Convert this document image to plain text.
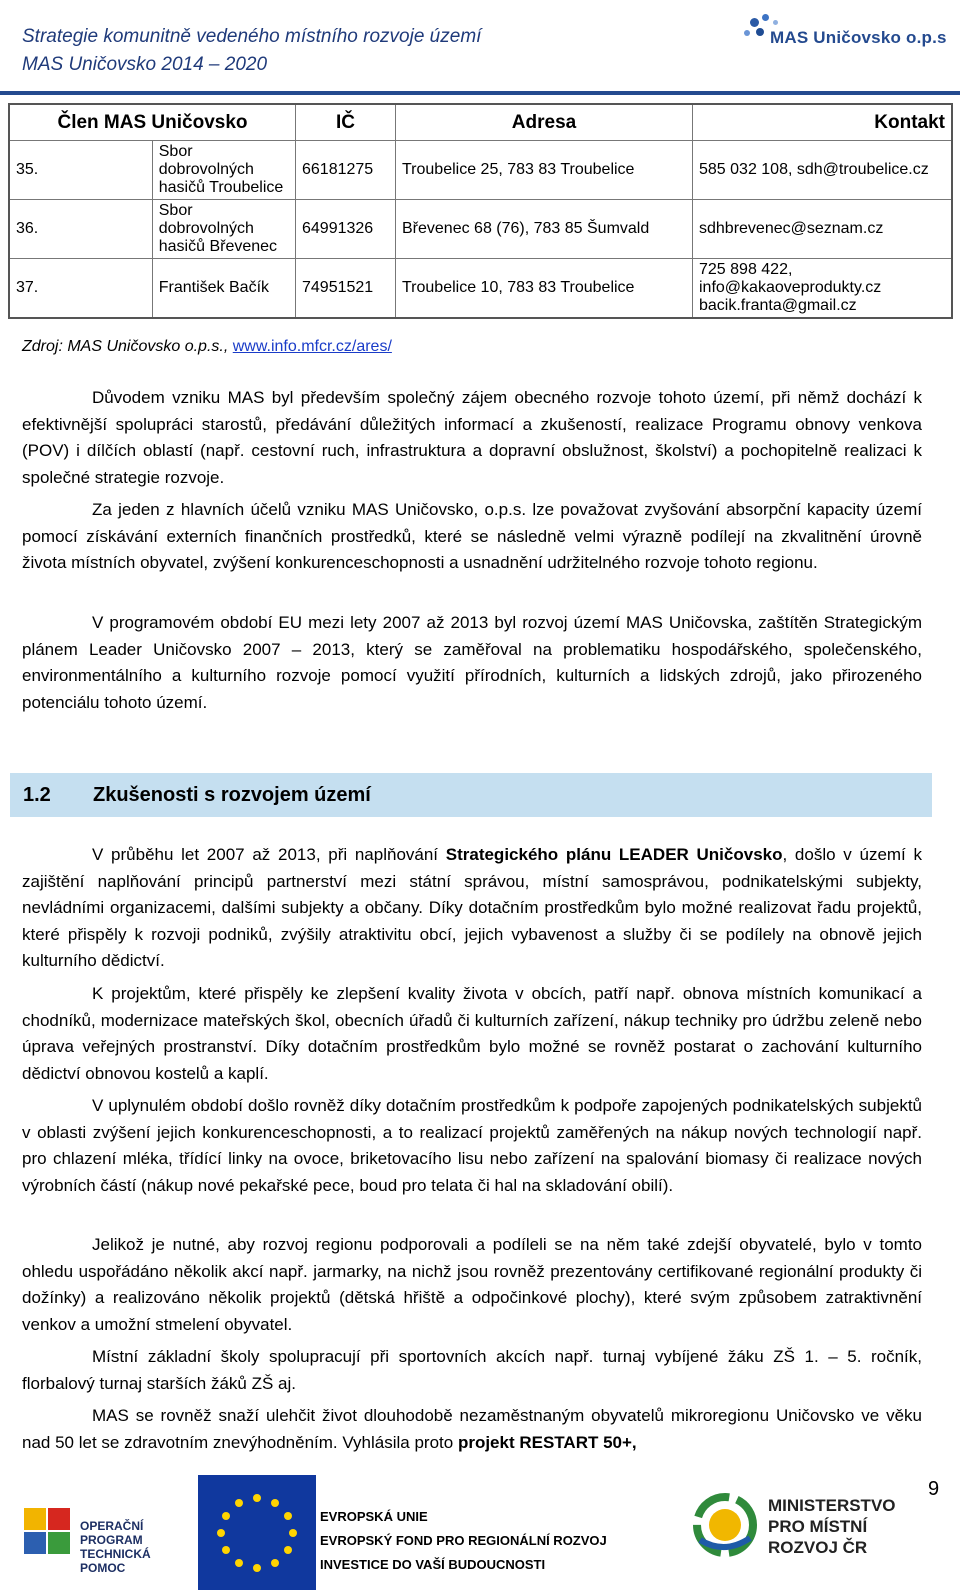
Strategie komunitně vedeného místního rozvoje území
MAS Uničovsko 2014 – 2020
MAS Uničovsko o.p.s
Člen MAS Uničovsko		IČ	Adresa	Kontakt
35.	Sbor dobrovolných hasičů Troubelice	66181275	Troubelice 25, 783 83 Troubelice	585 032 108, sdh@troubelice.cz
36.	Sbor dobrovolných hasičů Břevenec	64991326	Břevenec 68 (76), 783 85 Šumvald	sdhbrevenec@seznam.cz
37.	František Bačík	74951521	Troubelice 10, 783 83 Troubelice	725 898 422, info@kakaoveprodukty.cz bacik.franta@gmail.cz
Zdroj: MAS Uničovsko o.p.s., www.info.mfcr.cz/ares/

Důvodem vzniku MAS byl především společný zájem obecného rozvoje tohoto území, při němž dochází k efektivnější spolupráci starostů, předávání důležitých informací a zkušeností, realizace Programu obnovy venkova (POV) i dílčích oblastí (např. cestovní ruch, infrastruktura a dopravní obslužnost, školství) a pochopitelně realizaci k společné strategie rozvoje.

Za jeden z hlavních účelů vzniku MAS Uničovsko, o.p.s. lze považovat zvyšování absorpční kapacity území pomocí získávání externích finančních prostředků, které se následně velmi výrazně podílejí na zkvalitnění úrovně života místních obyvatel, zvýšení konkurenceschopnosti a usnadnění udržitelného rozvoje tohoto regionu.

V programovém období EU mezi lety 2007 až 2013 byl rozvoj území MAS Uničovska, zaštítěn Strategickým plánem Leader Uničovsko 2007 – 2013, který se zaměřoval na problematiku hospodářského, společenského, environmentálního a kulturního rozvoje pomocí využití přírodních, kulturních a lidských zdrojů, jako přirozeného potenciálu tohoto území.

1.2 Zkušenosti s rozvojem území

V průběhu let 2007 až 2013, při naplňování Strategického plánu LEADER Uničovsko, došlo v území k zajištění naplňování principů partnerství mezi státní správou, místní samosprávou, podnikatelskými subjekty, nevládními organizacemi, dalšími subjekty a občany. Díky dotačním prostředkům bylo možné realizovat řadu projektů, které přispěly k rozvoji podniků, zvýšily atraktivitu obcí, jejich vybavenost a služby či se podílely na obnově jejich kulturního dědictví.

K projektům, které přispěly ke zlepšení kvality života v obcích, patří např. obnova místních komunikací a chodníků, modernizace mateřských škol, obecních úřadů či kulturních zařízení, nákup techniky pro údržbu zeleně nebo úprava veřejných prostranství. Díky dotačním prostředkům bylo možné se rovněž postarat o zachování kulturního dědictví obnovou kostelů a kaplí.

V uplynulém období došlo rovněž díky dotačním prostředkům k podpoře zapojených podnikatelských subjektů v oblasti zvýšení jejich konkurenceschopnosti, a to realizací projektů zaměřených na nákup nových technologií např. pro chlazení mléka, třídící linky na ovoce, briketovacího lisu nebo zařízení na spalování biomasy či realizace nových výrobních částí (nákup nové pekařské pece, boud pro telata či hal na skladování obilí).

Jelikož je nutné, aby rozvoj regionu podporovali a podíleli se na něm také zdejší obyvatelé, bylo v tomto ohledu uspořádáno několik akcí např. jarmarky, na nichž jsou rovněž prezentovány certifikované regionální produkty či dožínky) a realizováno několik projektů (dětská hřiště a odpočinkové plochy), které svým způsobem zatraktivnění venkov a umožní stmelení obyvatel.

Místní základní školy spolupracují při sportovních akcích např. turnaj vybíjené žáku ZŠ 1. – 5. ročník, florbalový turnaj starších žáků ZŠ aj.

MAS se rovněž snaží ulehčit život dlouhodobě nezaměstnaným obyvatelů mikroregionu Uničovsko ve věku nad 50 let se zdravotním znevýhodněním. Vyhlásila proto projekt RESTART 50+,

9
OPERAČNÍ
PROGRAM
TECHNICKÁ
POMOC
EVROPSKÁ UNIE
EVROPSKÝ FOND PRO REGIONÁLNÍ ROZVOJ
INVESTICE DO VAŠÍ BUDOUCNOSTI
MINISTERSTVO
PRO MÍSTNÍ
ROZVOJ ČR
